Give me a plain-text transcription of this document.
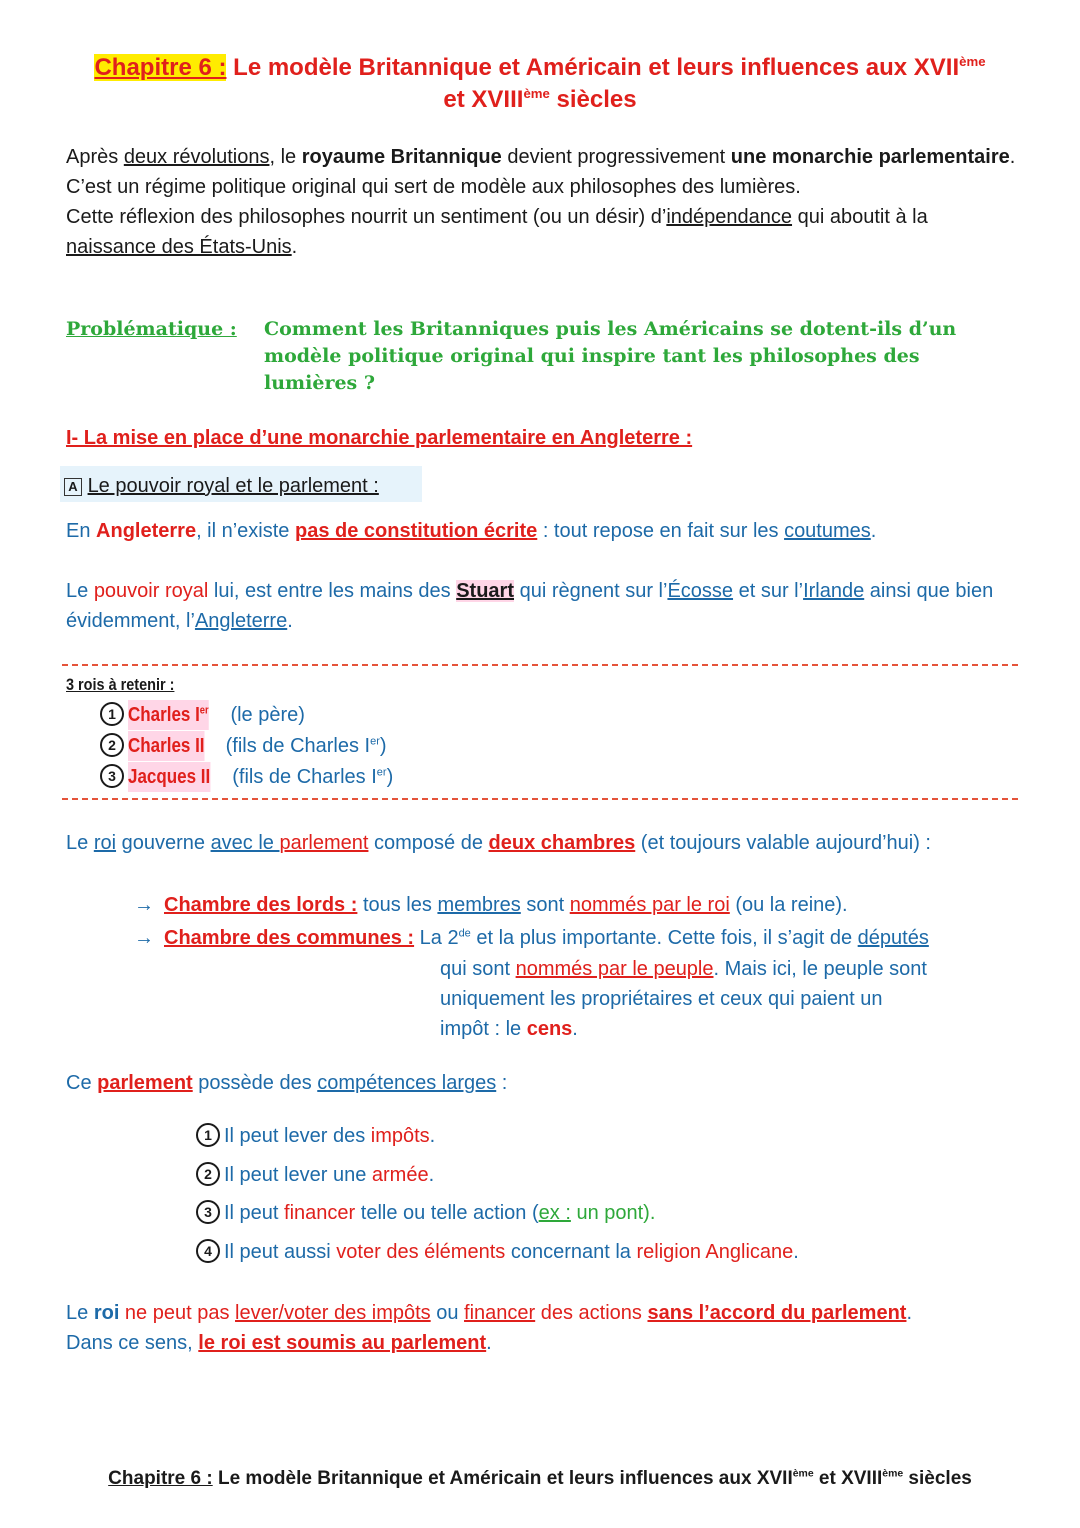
Chapitre 6 : Le modèle Britannique et Américain et leurs influences aux XVIIème
et XVIIIème siècles
Après deux révolutions, le royaume Britannique devient progressivement une monarchie parlementaire. C’est un régime politique original qui sert de modèle aux philosophes des lumières.
Cette réflexion des philosophes nourrit un sentiment (ou un désir) d’indépendance qui aboutit à la naissance des États-Unis.
Problématique : Comment les Britanniques puis les Américains se dotent-ils d’un modèle politique original qui inspire tant les philosophes des lumières ?
I- La mise en place d’une monarchie parlementaire en Angleterre :
A Le pouvoir royal et le parlement :
En Angleterre, il n’existe pas de constitution écrite : tout repose en fait sur les coutumes.
Le pouvoir royal lui, est entre les mains des Stuart qui règnent sur l’Écosse et sur l’Irlande ainsi que bien évidemment, l’Angleterre.
3 rois à retenir :
1 Charles Ier (le père)
2 Charles II (fils de Charles Ier)
3 Jacques II (fils de Charles Ier)
Le roi gouverne avec le parlement composé de deux chambres (et toujours valable aujourd’hui) :
→ Chambre des lords : tous les membres sont nommés par le roi (ou la reine).
→ Chambre des communes : La 2de et la plus importante. Cette fois, il s’agit de députés
qui sont nommés par le peuple. Mais ici, le peuple sont
uniquement les propriétaires et ceux qui paient un
impôt : le cens.
Ce parlement possède des compétences larges :
1 Il peut lever des impôts.
2 Il peut lever une armée.
3 Il peut financer telle ou telle action (ex : un pont).
4 Il peut aussi voter des éléments concernant la religion Anglicane.
Le roi ne peut pas lever/voter des impôts ou financer des actions sans l’accord du parlement.
Dans ce sens, le roi est soumis au parlement.
Chapitre 6 : Le modèle Britannique et Américain et leurs influences aux XVIIème et XVIIIème siècles
